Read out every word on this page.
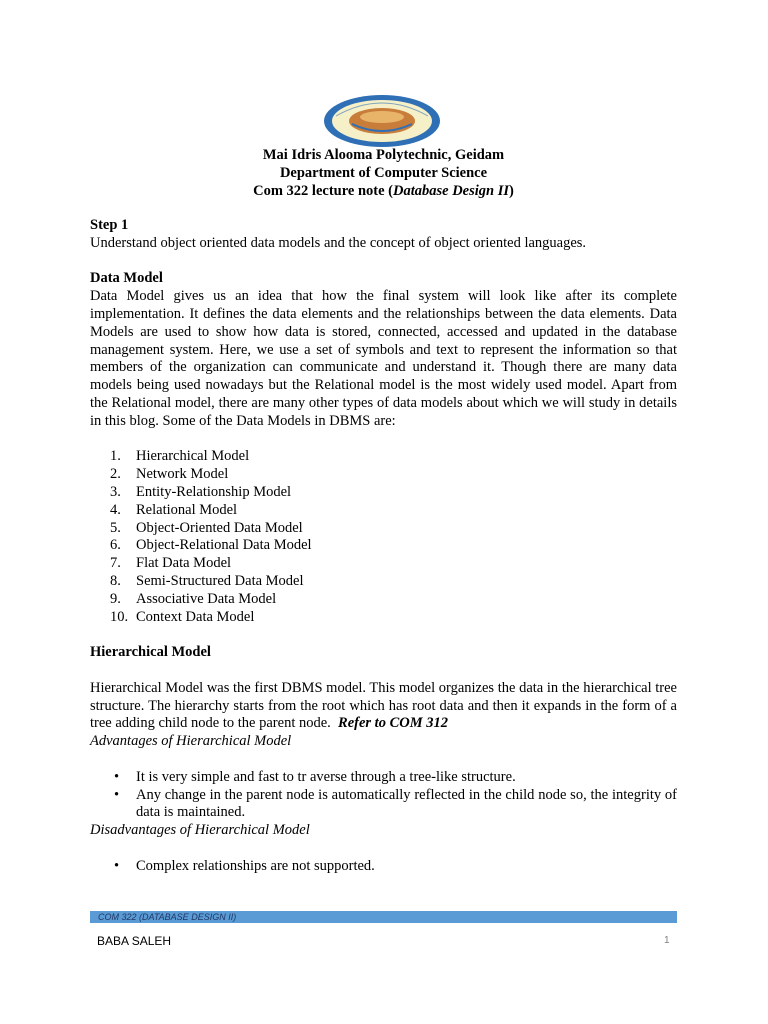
Mai Idris Alooma Polytechnic, Geidam
Department of Computer Science
Com 322 lecture note (Database Design II)

Step 1

Understand object oriented data models and the concept of object oriented languages.

Data Model

Data Model gives us an idea that how the final system will look like after its complete implementation. It defines the data elements and the relationships between the data elements. Data Models are used to show how data is stored, connected, accessed and updated in the database management system. Here, we use a set of symbols and text to represent the information so that members of the organization can communicate and understand it. Though there are many data models being used nowadays but the Relational model is the most widely used model. Apart from the Relational model, there are many other types of data models about which we will study in details in this blog. Some of the Data Models in DBMS are:

1.	Hierarchical Model
2.	Network Model
3.	Entity-Relationship Model
4.	Relational Model
5.	Object-Oriented Data Model
6.	Object-Relational Data Model
7.	Flat Data Model
8.	Semi-Structured Data Model
9.	Associative Data Model
10. Context Data Model

Hierarchical Model

Hierarchical Model was the first DBMS model. This model organizes the data in the hierarchical tree structure. The hierarchy starts from the root which has root data and then it expands in the form of a tree adding child node to the parent node. Refer to COM 312

Advantages of Hierarchical Model

• It is very simple and fast to tr averse through a tree-like structure.
• Any change in the parent node is automatically reflected in the child node so, the integrity of data is maintained.

Disadvantages of Hierarchical Model

• Complex relationships are not supported.
COM 322 (DATABASE DESIGN II)
BABA SALEH	1
